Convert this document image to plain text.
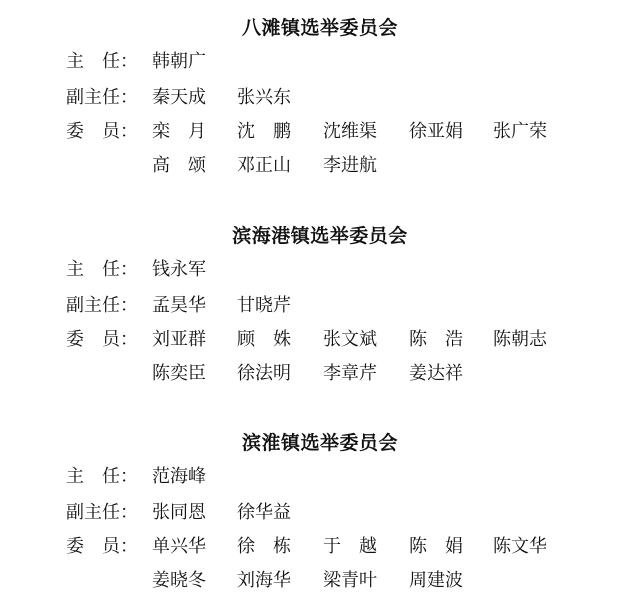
八滩镇选举委员会
主　任： 韩朝广
副主任： 秦天成 张兴东
委　员： 栾　月 沈　鹏 沈维渠 徐亚娟 张广荣
高　颂 邓正山 李进航
滨海港镇选举委员会
主　任： 钱永军
副主任： 孟昊华 甘晓芹
委　员： 刘亚群 顾　姝 张文斌 陈　浩 陈朝志
陈奕臣 徐法明 李章芹 姜达祥
滨淮镇选举委员会
主　任： 范海峰
副主任： 张同恩 徐华益
委　员： 单兴华 徐　栋 于　越 陈　娟 陈文华
姜晓冬 刘海华 梁青叶 周建波
